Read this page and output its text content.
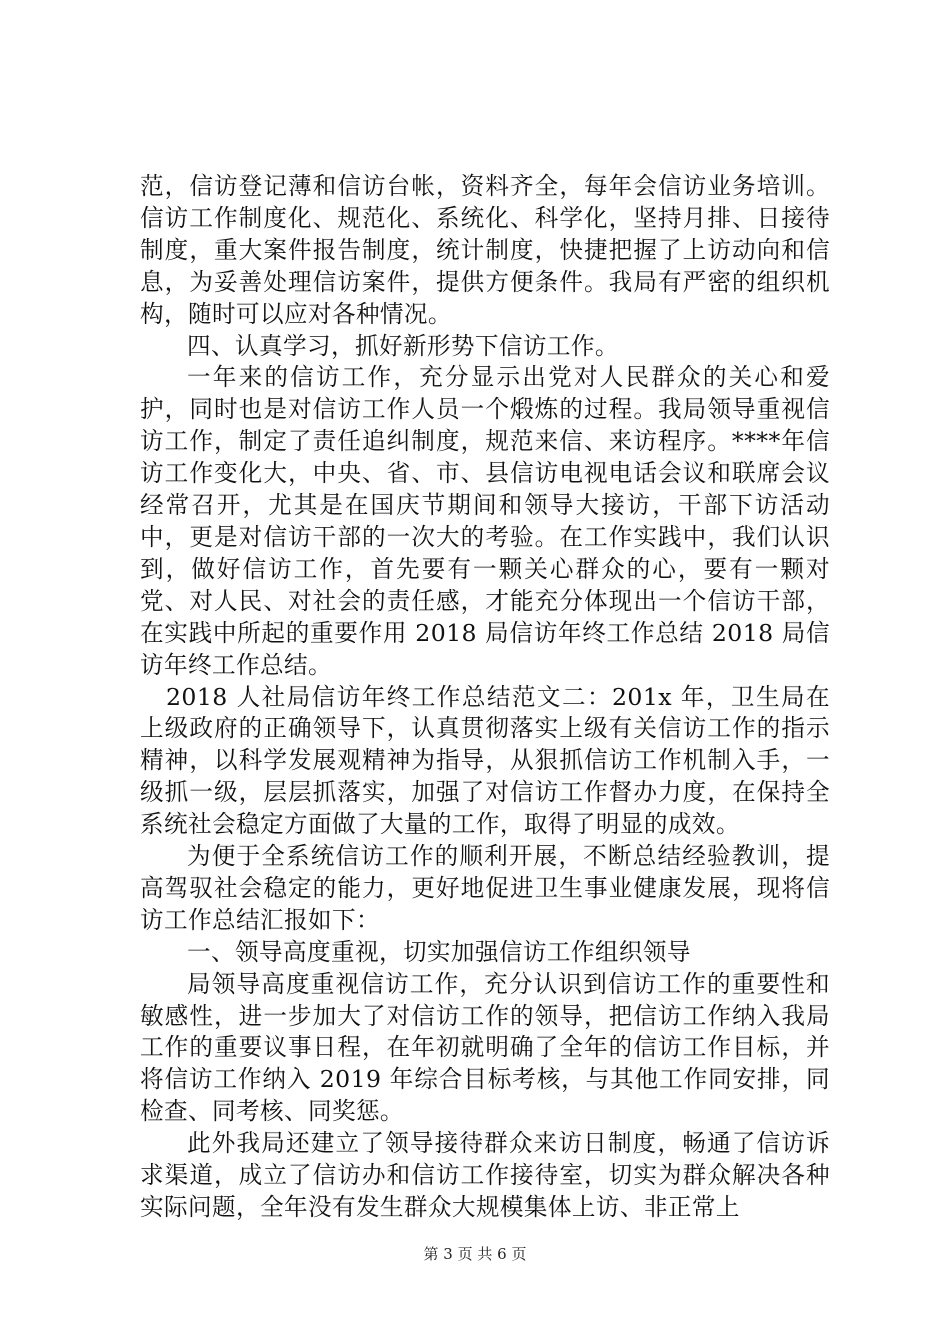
范，信访登记薄和信访台帐，资料齐全，每年会信访业务培训。信访工作制度化、规范化、系统化、科学化，坚持月排、日接待制度，重大案件报告制度，统计制度，快捷把握了上访动向和信息，为妥善处理信访案件，提供方便条件。我局有严密的组织机构，随时可以应对各种情况。

四、认真学习，抓好新形势下信访工作。

一年来的信访工作，充分显示出党对人民群众的关心和爱护，同时也是对信访工作人员一个煅炼的过程。我局领导重视信访工作，制定了责任追纠制度，规范来信、来访程序。****年信访工作变化大，中央、省、市、县信访电视电话会议和联席会议经常召开，尤其是在国庆节期间和领导大接访，干部下访活动中，更是对信访干部的一次大的考验。在工作实践中，我们认识到，做好信访工作，首先要有一颗关心群众的心，要有一颗对党、对人民、对社会的责任感，才能充分体现出一个信访干部，在实践中所起的重要作用 2018 局信访年终工作总结 2018 局信访年终工作总结。

2018 人社局信访年终工作总结范文二：201x 年，卫生局在上级政府的正确领导下，认真贯彻落实上级有关信访工作的指示精神，以科学发展观精神为指导，从狠抓信访工作机制入手，一级抓一级，层层抓落实，加强了对信访工作督办力度，在保持全系统社会稳定方面做了大量的工作，取得了明显的成效。

为便于全系统信访工作的顺利开展，不断总结经验教训，提高驾驭社会稳定的能力，更好地促进卫生事业健康发展，现将信访工作总结汇报如下：

一、领导高度重视，切实加强信访工作组织领导

局领导高度重视信访工作，充分认识到信访工作的重要性和敏感性，进一步加大了对信访工作的领导，把信访工作纳入我局工作的重要议事日程，在年初就明确了全年的信访工作目标，并将信访工作纳入 2019 年综合目标考核，与其他工作同安排，同检查、同考核、同奖惩。

此外我局还建立了领导接待群众来访日制度，畅通了信访诉求渠道，成立了信访办和信访工作接待室，切实为群众解决各种实际问题，全年没有发生群众大规模集体上访、非正常上

第 3 页 共 6 页
